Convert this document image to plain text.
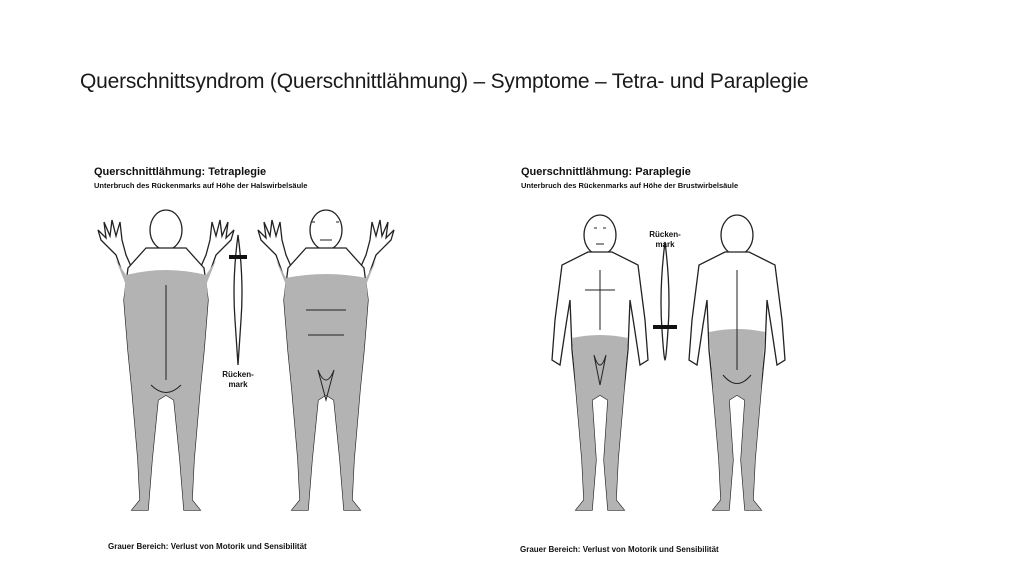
Querschnittsyndrom (Querschnittlähmung) – Symptome – Tetra- und Paraplegie
Querschnittlähmung: Tetraplegie
Unterbruch des Rückenmarks auf Höhe der Halswirbelsäule
Rücken-
mark
Grauer Bereich: Verlust von Motorik und Sensibilität
Querschnittlähmung: Paraplegie
Unterbruch des Rückenmarks auf Höhe der Brustwirbelsäule
Rücken-
mark
Grauer Bereich: Verlust von Motorik und Sensibilität
